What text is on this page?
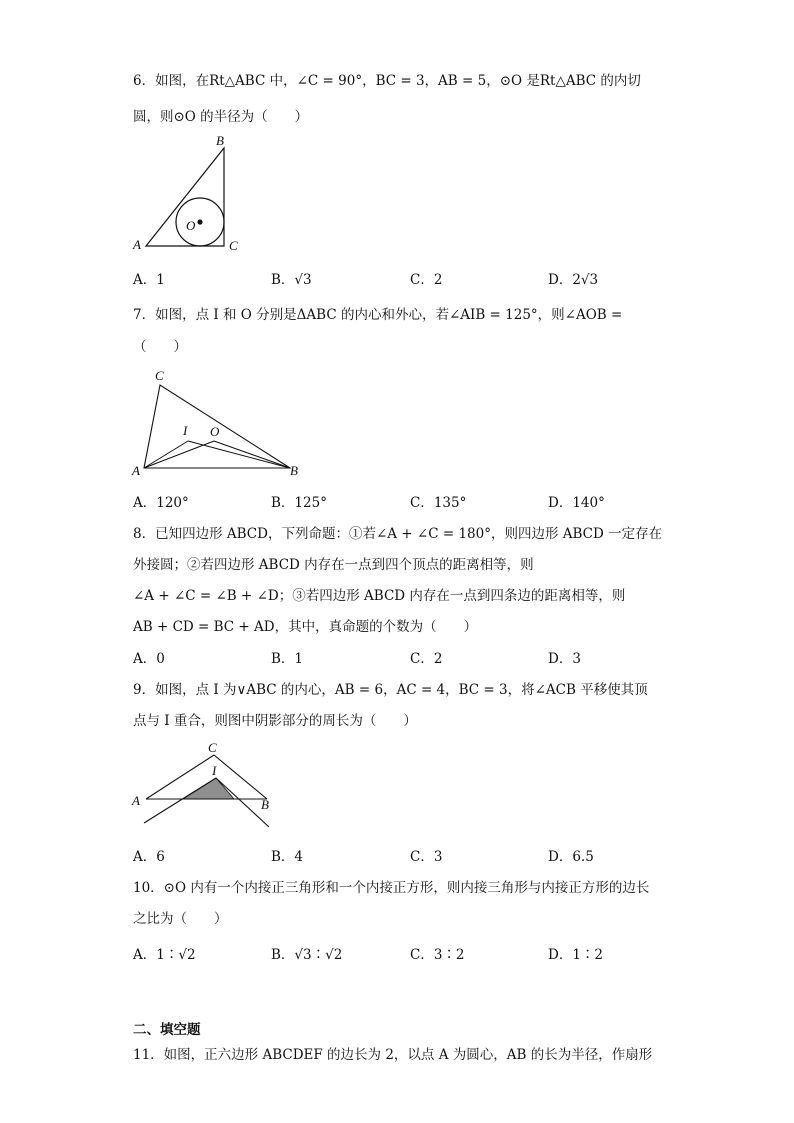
6．如图，在Rt△ABC 中，∠C = 90°，BC = 3，AB = 5，⊙O 是Rt△ABC 的内切
圆，则⊙O 的半径为（　　）
B
A	C
O
A．1	B．√3	C．2	D．2√3
7．如图，点 I 和 O 分别是ΔABC 的内心和外心，若∠AIB = 125°，则∠AOB =
（　　）
C
I O
A	B
A．120°	B．125°	C．135°	D．140°
8．已知四边形 ABCD，下列命题：①若∠A + ∠C = 180°，则四边形 ABCD 一定存在
外接圆；②若四边形 ABCD 内存在一点到四个顶点的距离相等，则
∠A + ∠C = ∠B + ∠D；③若四边形 ABCD 内存在一点到四条边的距离相等，则
AB + CD = BC + AD，其中，真命题的个数为（　　）
A．0	B．1	C．2	D．3
9．如图，点 I 为∨ABC 的内心，AB = 6，AC = 4，BC = 3，将∠ACB 平移使其顶
点与 I 重合，则图中阴影部分的周长为（　　）
C
I
A	B
A．6	B．4	C．3	D．6.5
10．⊙O 内有一个内接正三角形和一个内接正方形，则内接三角形与内接正方形的边长
之比为（　　）
A．1∶√2	B．√3∶√2	C．3∶2	D．1∶2
二、填空题
11．如图，正六边形 ABCDEF 的边长为 2，以点 A 为圆心，AB 的长为半径，作扇形
